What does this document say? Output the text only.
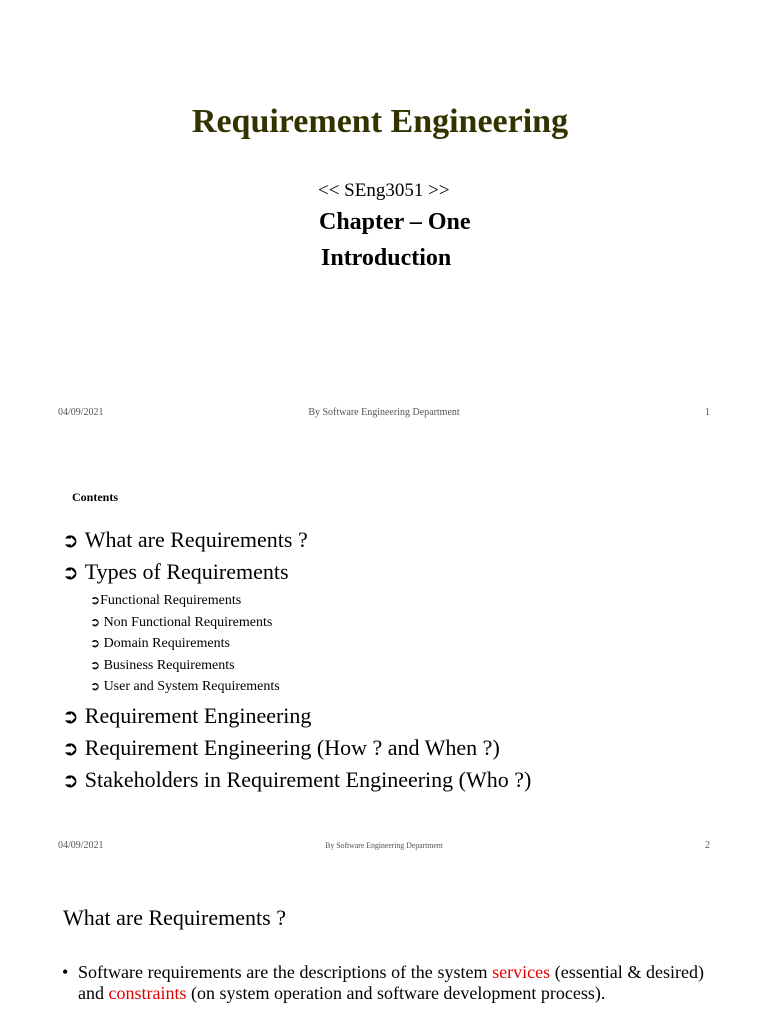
Requirement Engineering
<< SEng3051 >>
Chapter – One
Introduction
04/09/2021	By Software Engineering Department	1
Contents
➲ What are Requirements ?
➲ Types of Requirements
➲Functional Requirements
➲ Non Functional Requirements
➲ Domain Requirements
➲ Business Requirements
➲ User and System Requirements
➲ Requirement Engineering
➲ Requirement Engineering (How ? and When ?)
➲ Stakeholders in Requirement Engineering (Who ?)
04/09/2021	By Software Engineering Department	2
What are Requirements ?
• Software requirements are the descriptions of the system services (essential & desired) and constraints (on system operation and software development process).
